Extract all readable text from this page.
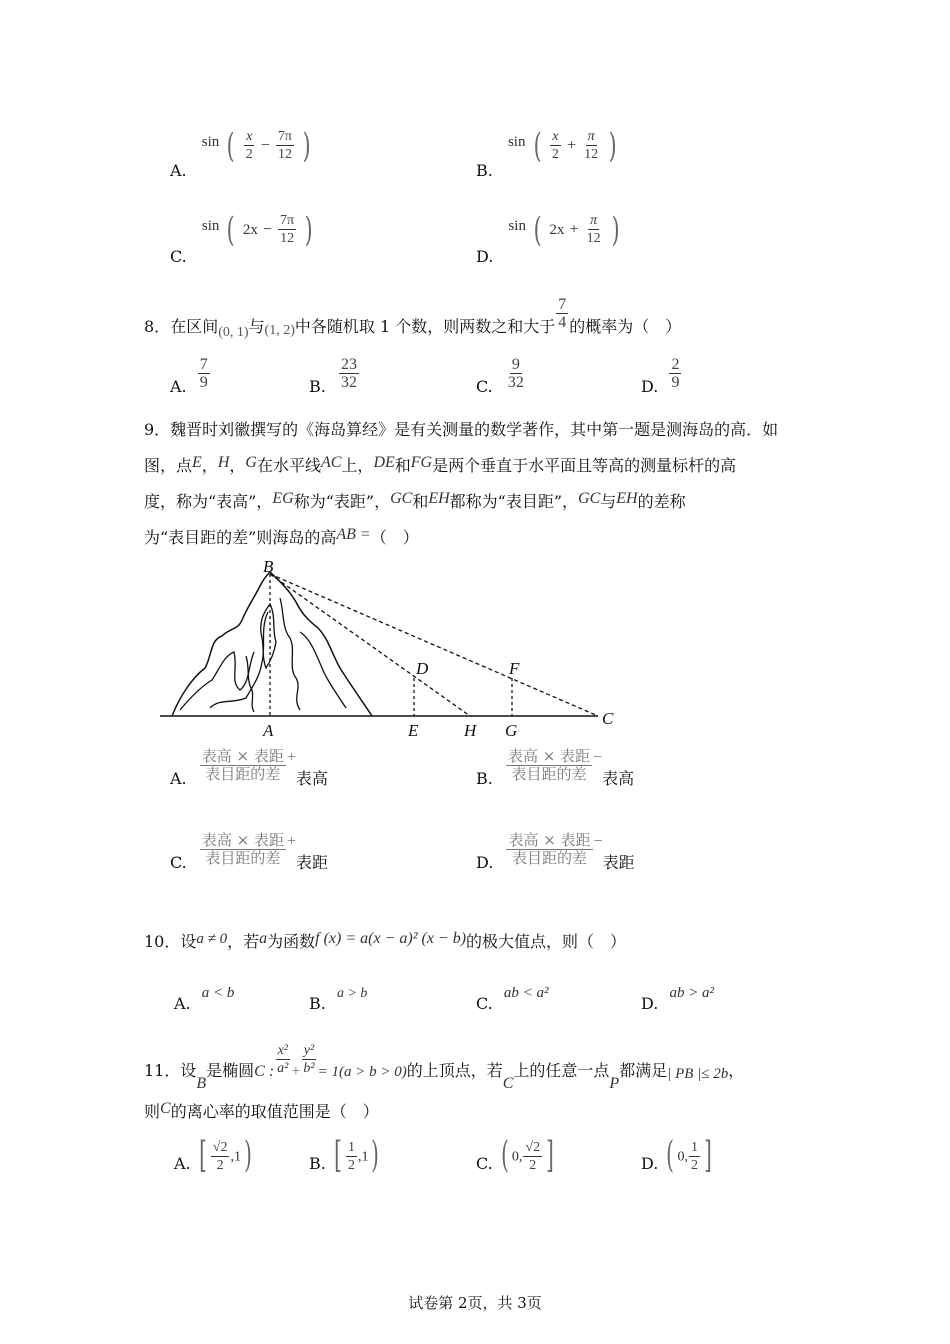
A. sin ( $\frac{x}{2} - \frac{7\pi}{12}$ )
B. sin ( $\frac{x}{2} + \frac{\pi}{12}$ )
C. sin ( $2x - \frac{7\pi}{12}$ )
D. sin ( $2x + \frac{\pi}{12}$ )
8．在区间(0, 1)与(1, 2)中各随机取 1 个数，则两数之和大于 $\frac{7}{4}$ 的概率为（　）
A. $\frac{7}{9}$	B. $\frac{23}{32}$	C. $\frac{9}{32}$	D. $\frac{2}{9}$
9．魏晋时刘徽撰写的《海岛算经》是有关测量的数学著作，其中第一题是测海岛的高．如
图，点E，H，G在水平线AC上，DE和FG是两个垂直于水平面且等高的测量标杆的高
度，称为“表高”，EG称为“表距”，GC和EH都称为“表目距”，GC与EH的差称
为“表目距的差”则海岛的高AB =（　）
B
A
D	F
E	H G
C
A. $\frac{\text{表高 × 表距}}{\text{表目距的差}}$ +表高	B. $\frac{\text{表高 × 表距}}{\text{表目距的差}}$ −表高
C. $\frac{\text{表高 × 表距}}{\text{表目距的差}}$ +表距	D. $\frac{\text{表高 × 表距}}{\text{表目距的差}}$ −表距
10．设a ≠ 0，若a为函数f (x) = a(x − a)² (x − b)的极大值点，则（　）
A. a < b
B. a > b
C. ab < a²
D. ab > a²
11．设B是椭圆C : $\frac{\text{x²}}{\text{a²}} + \frac{\text{y²}}{\text{b²}} = 1(a > b > 0)$的上顶点，若C上的任意一点P都满足| PB |≤ 2b，
则C的离心率的取值范围是（　）
A. [ $\frac{√2}{2} ,1$)	B. [ $\frac{1}{2} ,1$)	C. ( 0, $\frac{√2}{2}$ ]	D. ( 0, $\frac{1}{2}$ ]
试卷第 2页，共 3页
